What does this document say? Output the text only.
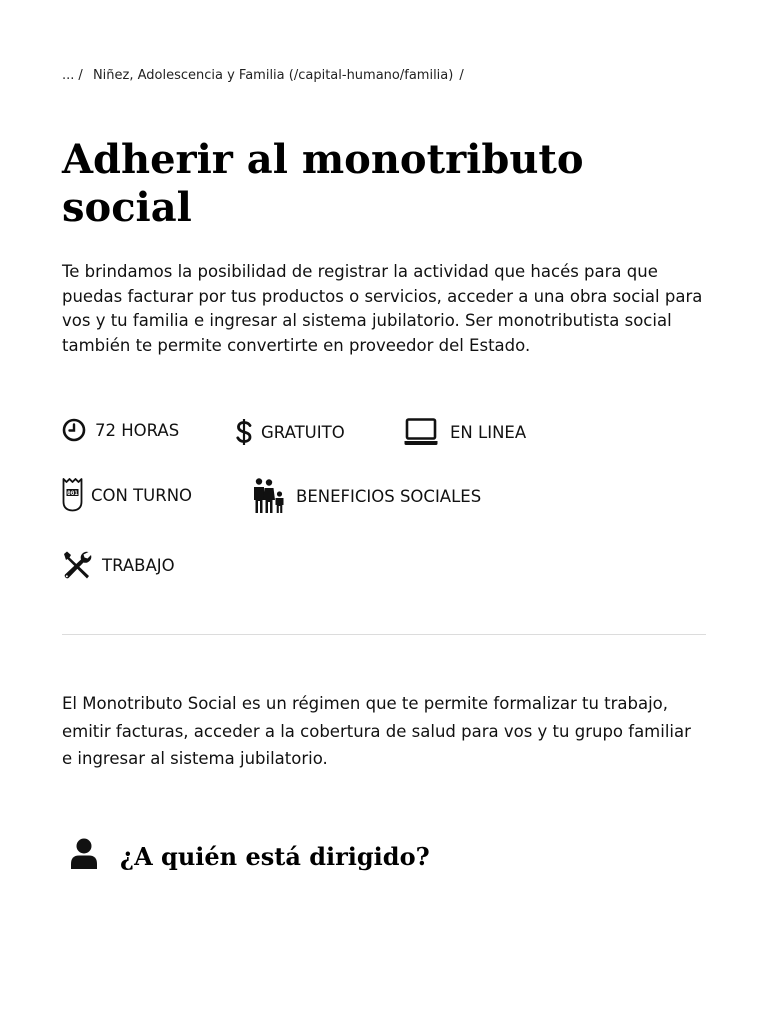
... / Niñez, Adolescencia y Familia (/capital-humano/familia) /
Adherir al monotributo social

Te brindamos la posibilidad de registrar la actividad que hacés para que puedas facturar por tus productos o servicios, acceder a una obra social para vos y tu familia e ingresar al sistema jubilatorio. Ser monotributista social también te permite convertirte en proveedor del Estado.

72 HORAS	GRATUITO	EN LINEA
001 CON TURNO	BENEFICIOS SOCIALES
TRABAJO

El Monotributo Social es un régimen que te permite formalizar tu trabajo, emitir facturas, acceder a la cobertura de salud para vos y tu grupo familiar e ingresar al sistema jubilatorio.

¿A quién está dirigido?
